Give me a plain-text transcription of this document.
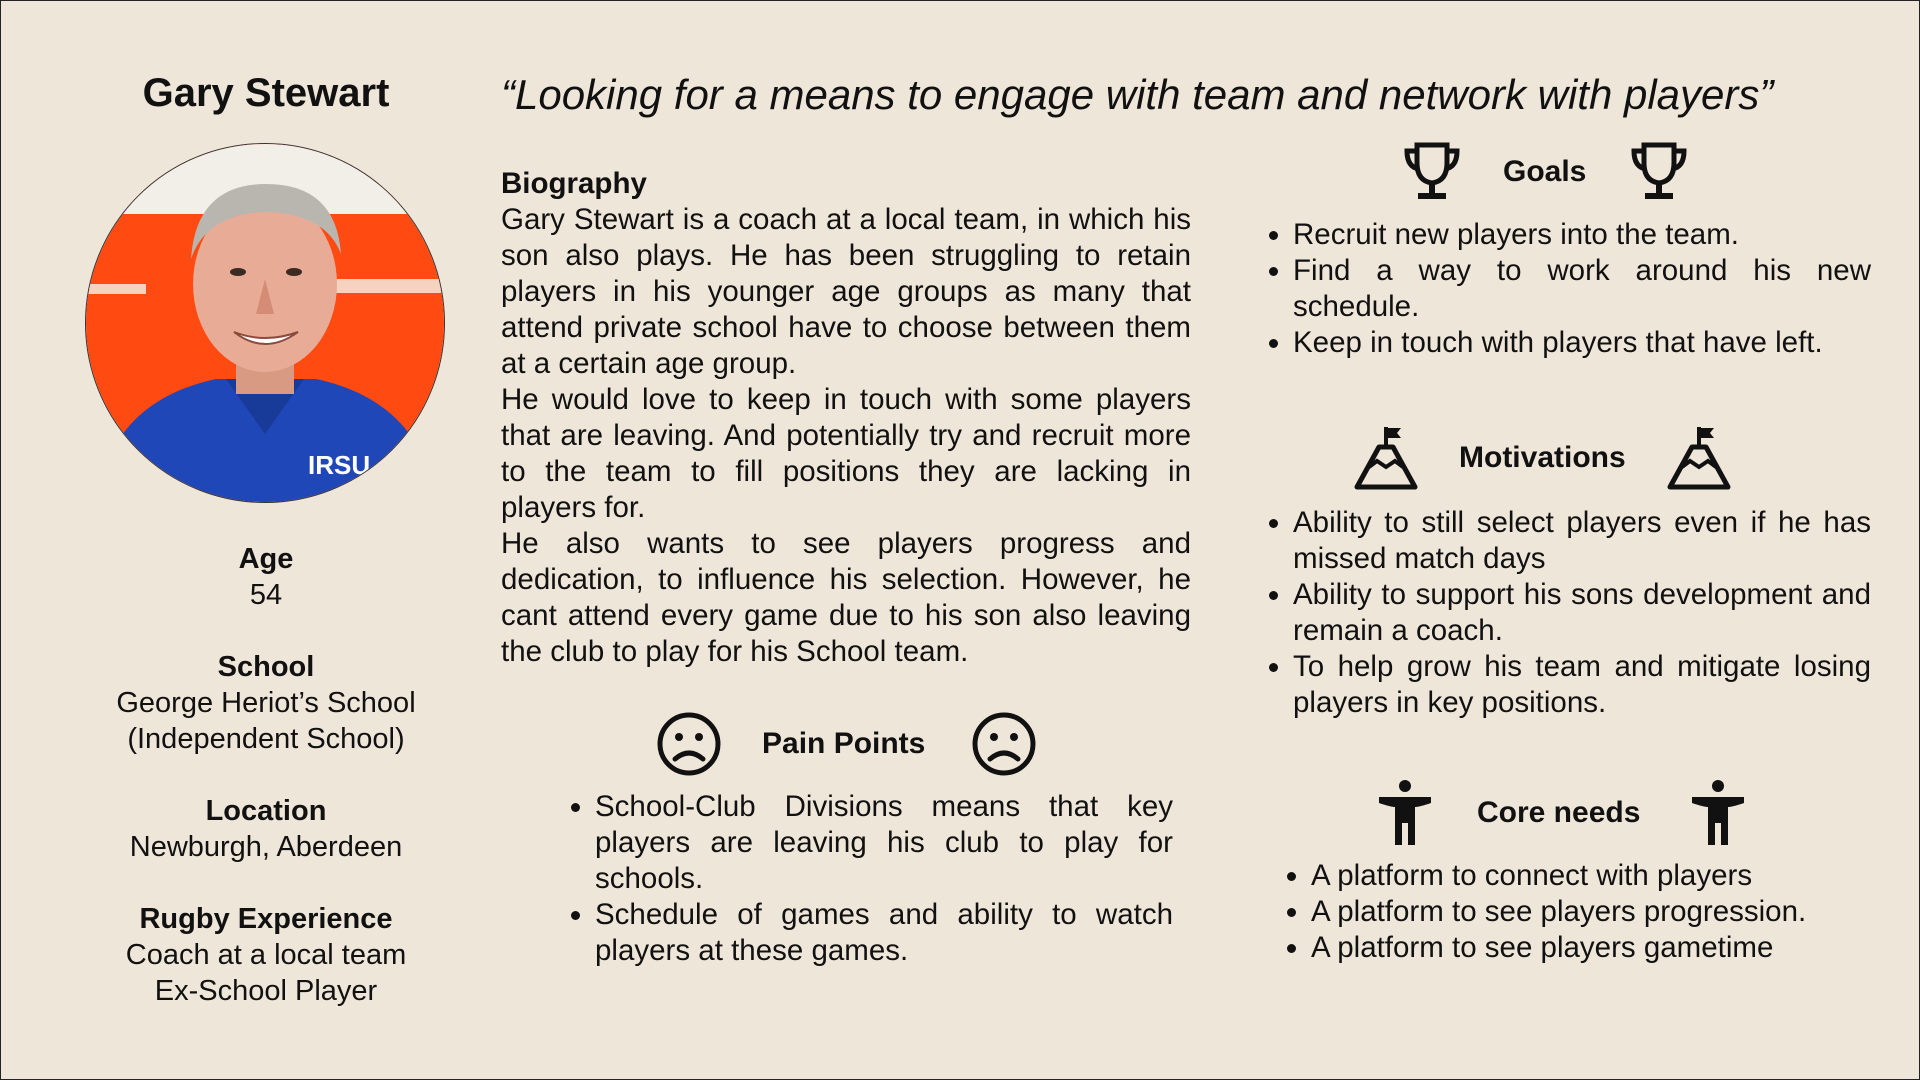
Gary Stewart
IRSU
Age
54
School
George Heriot’s School
(Independent School)
Location
Newburgh, Aberdeen
Rugby Experience
Coach at a local team
Ex-School Player
“Looking for a means to engage with team and network with players”
Biography

Gary Stewart is a coach at a local team, in which his son also plays. He has been struggling to retain players in his younger age groups as many that attend private school have to choose between them at a certain age group.

He would love to keep in touch with some players that are leaving. And potentially try and recruit more to the team to fill positions they are lacking in players for.

He also wants to see players progress and dedication, to influence his selection. However, he cant attend every game due to his son also leaving the club to play for his School team.

Pain Points
• School-Club Divisions means that key players are leaving his club to play for schools.
• Schedule of games and ability to watch players at these games.
Goals
• Recruit new players into the team.
• Find a way to work around his new schedule.
• Keep in touch with players that have left.
Motivations
• Ability to still select players even if he has missed match days
• Ability to support his sons development and remain a coach.
• To help grow his team and mitigate losing players in key positions.
Core needs
• A platform to connect with players
• A platform to see players progression.
• A platform to see players gametime
